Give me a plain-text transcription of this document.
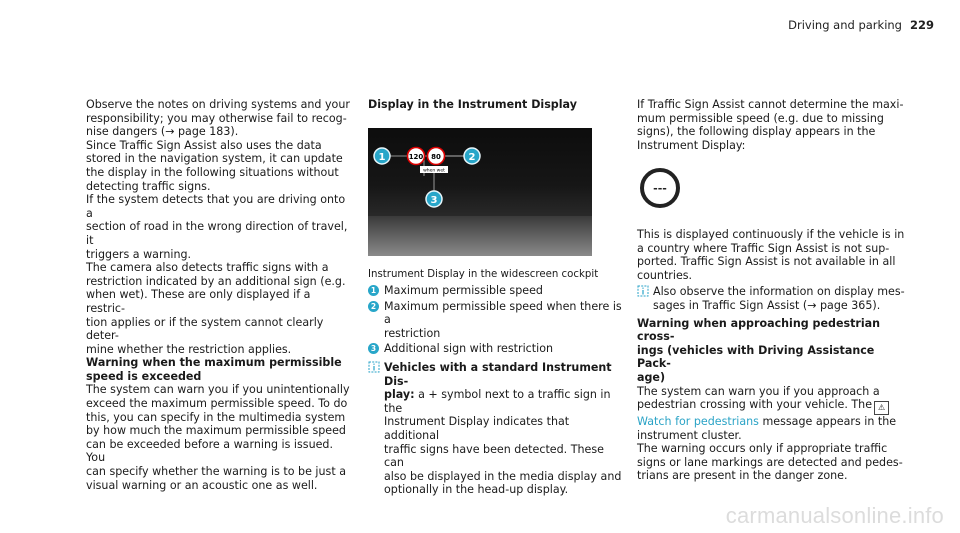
Driving and parking 229

Observe the notes on driving systems and your
responsibility; you may otherwise fail to recog-
nise dangers (→ page 183).

Since Traffic Sign Assist also uses the data
stored in the navigation system, it can update
the display in the following situations without
detecting traffic signs.

If the system detects that you are driving onto a
section of road in the wrong direction of travel, it
triggers a warning.

The camera also detects traffic signs with a
restriction indicated by an additional sign (e.g.
when wet). These are only displayed if a restric-
tion applies or if the system cannot clearly deter-
mine whether the restriction applies.

Warning when the maximum permissible
speed is exceeded

The system can warn you if you unintentionally
exceed the maximum permissible speed. To do
this, you can specify in the multimedia system
by how much the maximum permissible speed
can be exceeded before a warning is issued. You
can specify whether the warning is to be just a
visual warning or an acoustic one as well.

Display in the Instrument Display
1	2
120 80
when wet
3
Instrument Display in the widescreen cockpit
1 Maximum permissible speed
2 Maximum permissible speed when there is a
restriction
3 Additional sign with restriction
Vehicles with a standard Instrument Dis-
play: a + symbol next to a traffic sign in the
Instrument Display indicates that additional
traffic signs have been detected. These can
also be displayed in the media display and
optionally in the head-up display.

If Traffic Sign Assist cannot determine the maxi-
mum permissible speed (e.g. due to missing
signs), the following display appears in the
Instrument Display:

---

This is displayed continuously if the vehicle is in
a country where Traffic Sign Assist is not sup-
ported. Traffic Sign Assist is not available in all
countries.

Also observe the information on display mes-
sages in Traffic Sign Assist (→ page 365).
Warning when approaching pedestrian cross-
ings (vehicles with Driving Assistance Pack-
age)

The system can warn you if you approach a
pedestrian crossing with your vehicle. The ⚠
Watch for pedestrians message appears in the
instrument cluster.

The warning occurs only if appropriate traffic
signs or lane markings are detected and pedes-
trians are present in the danger zone.

carmanualsonline.info
